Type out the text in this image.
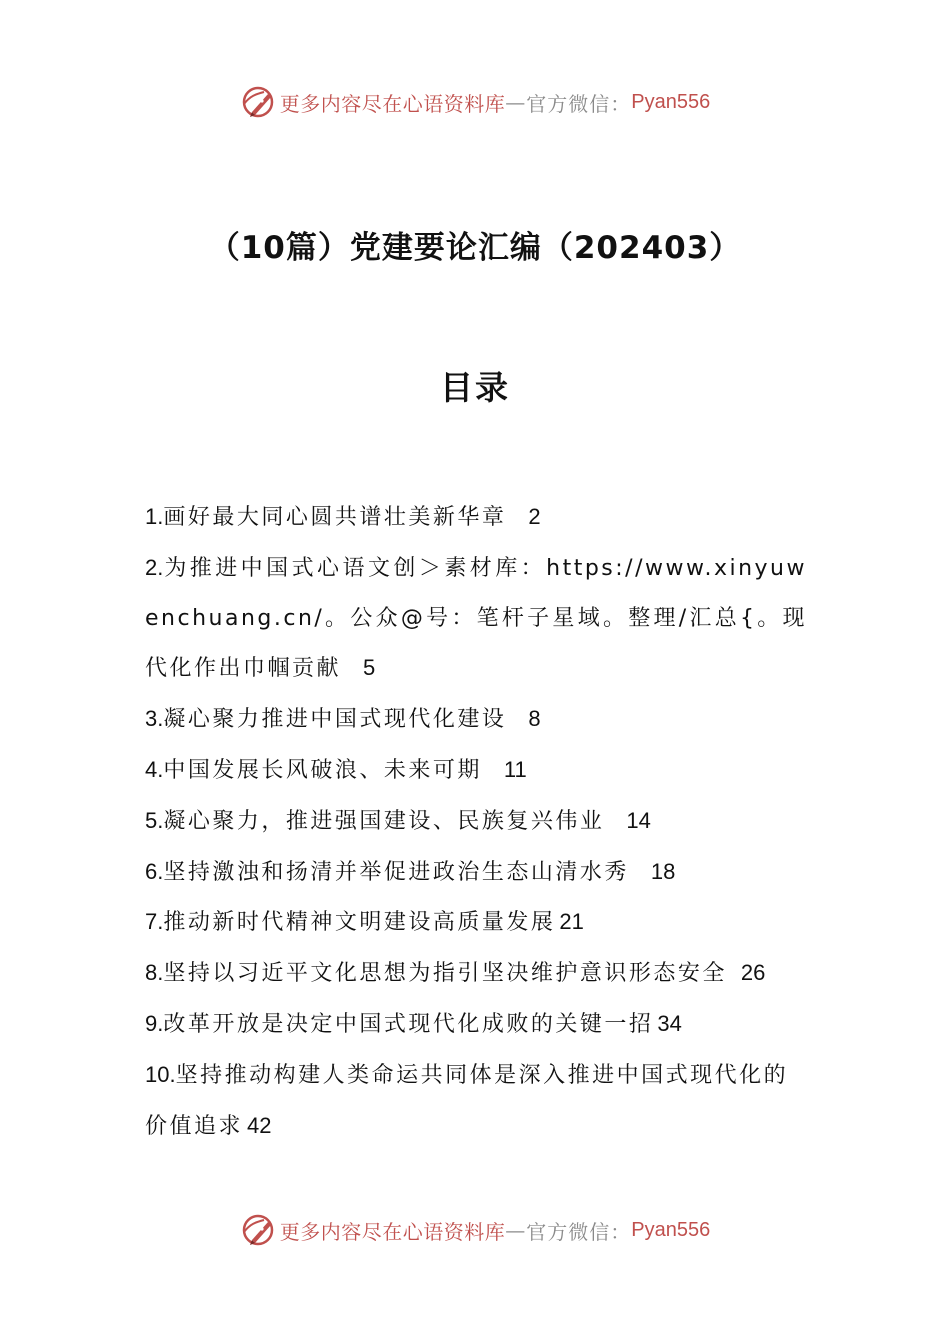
更多内容尽在心语资料库 — 官方微信： Pyan556
（10篇）党建要论汇编（202403）
目录

1.画好最大同心圆共谱壮美新华章 2

2.为推进中国式心语文创＞素材库：https://www.xinyuwenchuang.cn/。公众@号：笔杆子星域。整理/汇总{。现代化作出巾帼贡献 5

3.凝心聚力推进中国式现代化建设 8

4.中国发展长风破浪、未来可期 11

5.凝心聚力，推进强国建设、民族复兴伟业 14

6.坚持激浊和扬清并举促进政治生态山清水秀 18

7.推动新时代精神文明建设高质量发展 21

8.坚持以习近平文化思想为指引坚决维护意识形态安全 26

9.改革开放是决定中国式现代化成败的关键一招 34

10.坚持推动构建人类命运共同体是深入推进中国式现代化的价值追求 42

更多内容尽在心语资料库 — 官方微信： Pyan556
